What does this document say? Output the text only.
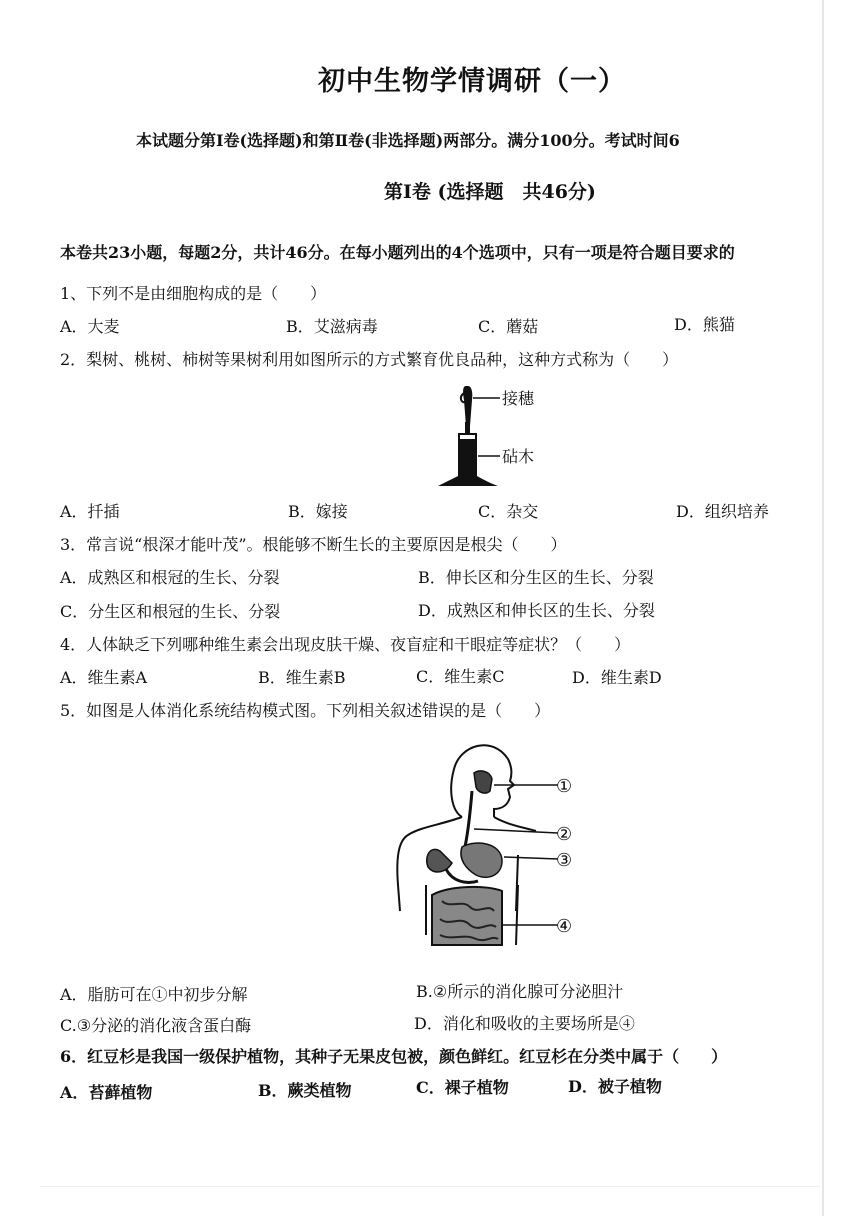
初中生物学情调研（一）
本试题分第Ⅰ卷(选择题)和第Ⅱ卷(非选择题)两部分。满分100分。考试时间6
第Ⅰ卷 (选择题　共46分)
本卷共23小题，每题2分，共计46分。在每小题列出的4个选项中，只有一项是符合题目要求的
1、下列不是由细胞构成的是（　　）
A．大麦	B．艾滋病毒	C．蘑菇	D．熊猫
2．梨树、桃树、柿树等果树利用如图所示的方式繁育优良品种，这种方式称为（　　）
接穗
砧木
A．扦插	B．嫁接	C．杂交	D．组织培养
3．常言说“根深才能叶茂”。根能够不断生长的主要原因是根尖（　　）
A．成熟区和根冠的生长、分裂	B．伸长区和分生区的生长、分裂
C．分生区和根冠的生长、分裂	D．成熟区和伸长区的生长、分裂
4．人体缺乏下列哪种维生素会出现皮肤干燥、夜盲症和干眼症等症状？（　　）
A．维生素A	B．维生素B	C．维生素C	D．维生素D
5．如图是人体消化系统结构模式图。下列相关叙述错误的是（　　）
①
②
③
④
A．脂肪可在①中初步分解	B.②所示的消化腺可分泌胆汁
C.③分泌的消化液含蛋白酶	D．消化和吸收的主要场所是④
6．红豆杉是我国一级保护植物，其种子无果皮包被，颜色鲜红。红豆杉在分类中属于（　　）
A．苔藓植物	B．蕨类植物	C．裸子植物	D．被子植物
